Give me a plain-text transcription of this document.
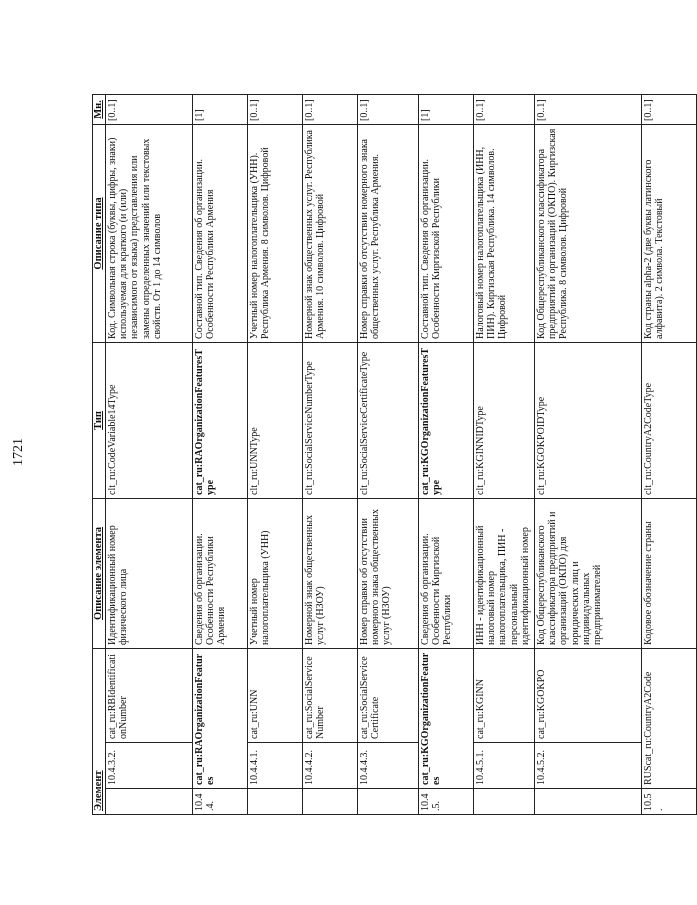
1721
Элемент			Описание элемента	Тип	Описание типа	Мн.
	10.4.3.2.	cat_ru:RBIdentificationNumber	Идентификационный номер физического лица	clt_ru:CodeVariable14Type	Код. Символьная строка (буквы, цифры, знаки) используемая для краткого (и (или) независимого от языка) представления или замены определенных значений или текстовых свойств. От 1 до 14 символов	[0..1]
10.4.4.	cat_ru:RAOrganizationFeatures		Сведения об организации. Особенности Республики Армения	cat_ru:RAOrganizationFeaturesType	Составной тип. Сведения об организации. Особенности Республики Армения	[1]
	10.4.4.1.	cat_ru:UNN	Учетный номер налогоплательщика (УНН)	clt_ru:UNNType	Учетный номер налогоплательщика (УНН). Республика Армения. 8 символов. Цифровой	[0..1]
	10.4.4.2.	cat_ru:SocialServiceNumber	Номерной знак общественных услуг (НЗОУ)	clt_ru:SocialServiceNumberType	Номерной знак общественных услуг. Республика Армения. 10 символов. Цифровой	[0..1]
	10.4.4.3.	cat_ru:SocialServiceCertificate	Номер справки об отсутствии номерного знака общественных услуг (НЗОУ)	clt_ru:SocialServiceCertificateType	Номер справки об отсутствии номерного знака общественных услуг. Республика Армения.	[0..1]
10.4.5.	cat_ru:KGOrganizationFeatures		Сведения об организации. Особенности Киргизской Республики	cat_ru:KGOrganizationFeaturesType	Составной тип. Сведения об организации. Особенности Киргизской Республики	[1]
	10.4.5.1.	cat_ru:KGINN	ИНН - идентификационный налоговый номер налогоплательщика, ПИН - персональный идентификационный номер	clt_ru:KGINNIDType	Налоговый номер налогоплательщика (ИНН, ПИН). Киргизская Республика. 14 символов. Цифровой	[0..1]
	10.4.5.2.	cat_ru:KGOKPO	Код Общереспубликанского классификатора предприятий и организаций (ОКПО) для юридических лиц и индивидуальных предпринимателей	clt_ru:KGOKPOIDType	Код Общереспубликанского классификатора предприятий и организаций (ОКПО). Киргизская Республика. 8 символов. Цифровой	[0..1]
10.5.	RUScat_ru:CountryA2Code		Кодовое обозначение страны	clt_ru:CountryA2CodeType	Код страны alpha-2 (две буквы латинского алфавита). 2 символа. Текстовый	[0..1]
